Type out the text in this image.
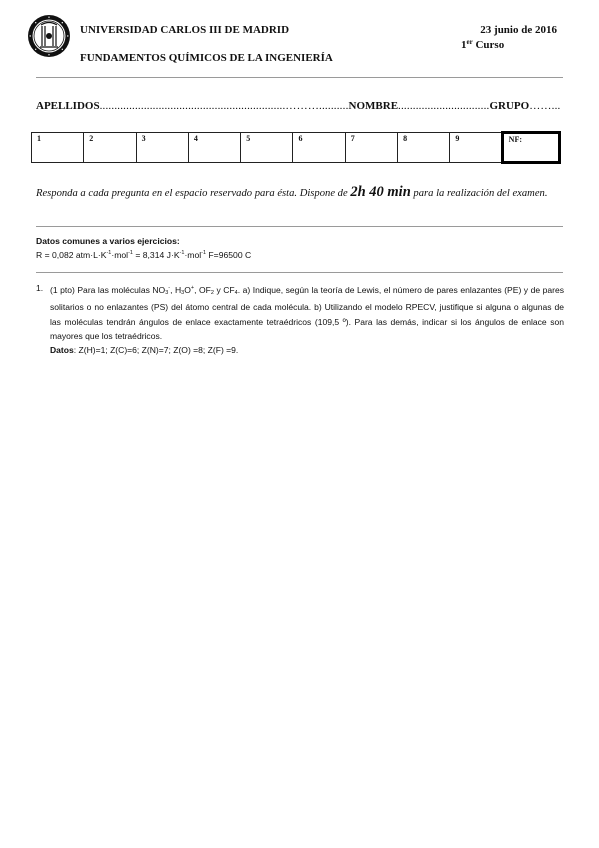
UNIVERSIDAD CARLOS III DE MADRID
FUNDAMENTOS QUÍMICOS DE LA INGENIERÍA
23 junio de 2016
1er Curso
APELLIDOS...............................................................………..........NOMBRE...............................GRUPO……...
1	2	3	4	5	6	7	8	9	NF:
Responda a cada pregunta en el espacio reservado para ésta. Dispone de 2h 40 min para la realización del examen.
Datos comunes a varios ejercicios:
R = 0,082 $atm\cdot L\cdot K^{-1}\cdot mol^{-1} = 8,314$ $J\cdot K^{-1}\cdot mol^{-1}$ F=96500 C
1. (1 pto) Para las moléculas $NO_3^-$, $H_3O^+$, $OF_2$ y $CF_4$. a) Indique, según la teoría de Lewis, el número de pares enlazantes (PE) y de pares solitarios o no enlazantes (PS) del átomo central de cada molécula. b) Utilizando el modelo RPECV, justifique si alguna o algunas de las moléculas tendrán ángulos de enlace exactamente tetraédricos (109,5 º). Para las demás, indicar si los ángulos de enlace son mayores que los tetraédricos.
Datos: Z(H)=1; Z(C)=6; Z(N)=7; Z(O) =8; Z(F) =9.
